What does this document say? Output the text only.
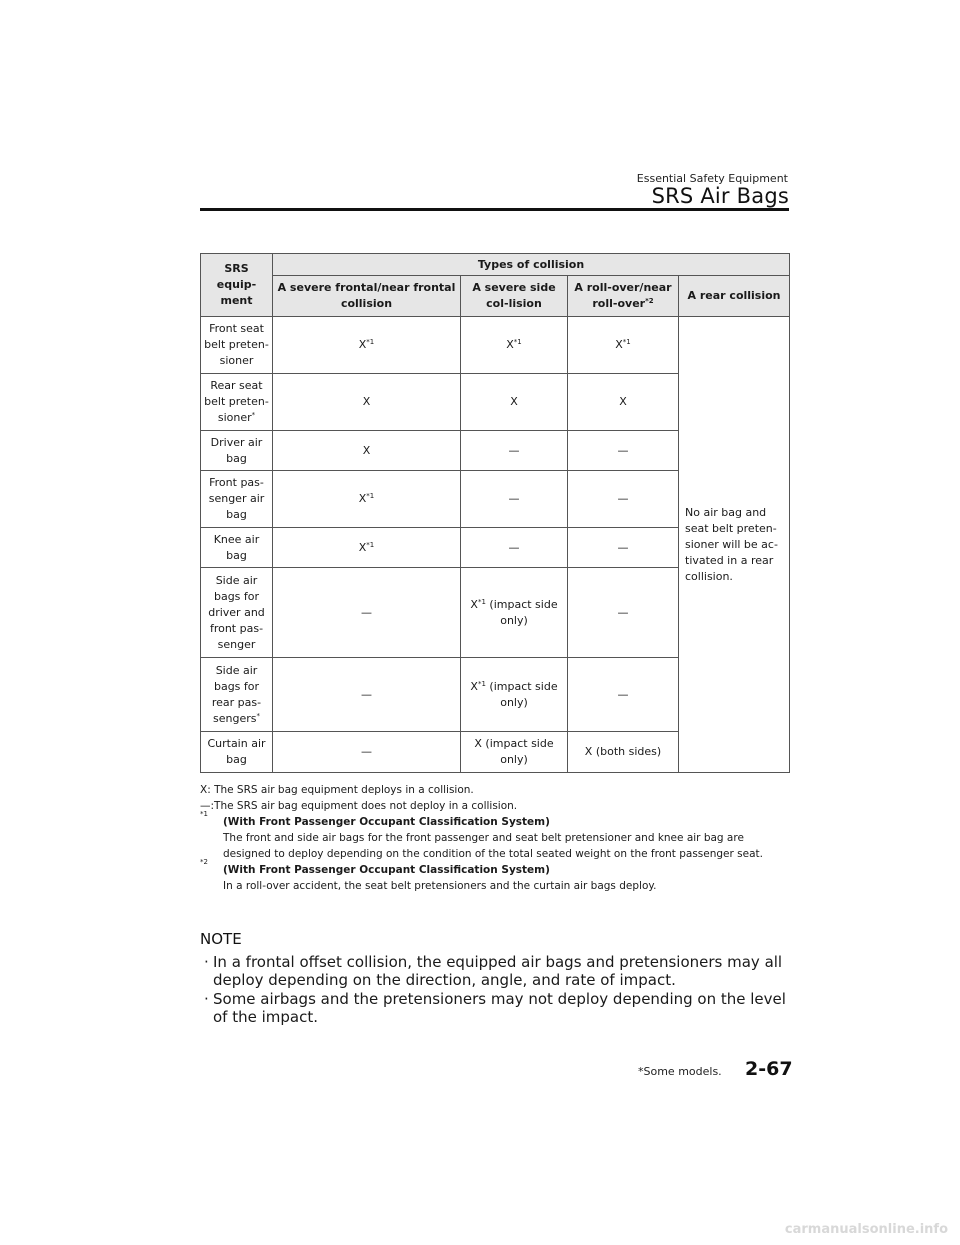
Essential Safety Equipment
SRS Air Bags
SRS equip-ment	Types of collision			
	A severe frontal/near frontal collision	A severe side col-lision	A roll-over/near roll-over$^{*2}$	A rear collision
Front seat belt preten-sioner	$X^{*1}$	$X^{*1}$	$X^{*1}$	No air bag and seat belt preten-sioner will be ac-tivated in a rear collision.
Rear seat belt preten-sioner*	X	X	X	
Driver air bag	X	—	—	
Front pas-senger air bag	$X^{*1}$	—	—	
Knee air bag	$X^{*1}$	—	—	
Side air bags for driver and front pas-senger	—	$X^{*1}$ (impact side only)	—	
Side air bags for rear pas-sengers*	—	$X^{*1}$ (impact side only)	—	
Curtain air bag	—	X (impact side only)	X (both sides)	

X: The SRS air bag equipment deploys in a collision.

—:The SRS air bag equipment does not deploy in a collision.

*1
(With Front Passenger Occupant Classification System)

The front and side air bags for the front passenger and seat belt pretensioner and knee air bag are designed to deploy depending on the condition of the total seated weight on the front passenger seat.

*2
(With Front Passenger Occupant Classification System)

In a roll-over accident, the seat belt pretensioners and the curtain air bags deploy.

NOTE
· In a frontal offset collision, the equipped air bags and pretensioners may all deploy depending on the direction, angle, and rate of impact.
· Some airbags and the pretensioners may not deploy depending on the level of the impact.
*Some models. 2-67
carmanualsonline.info
